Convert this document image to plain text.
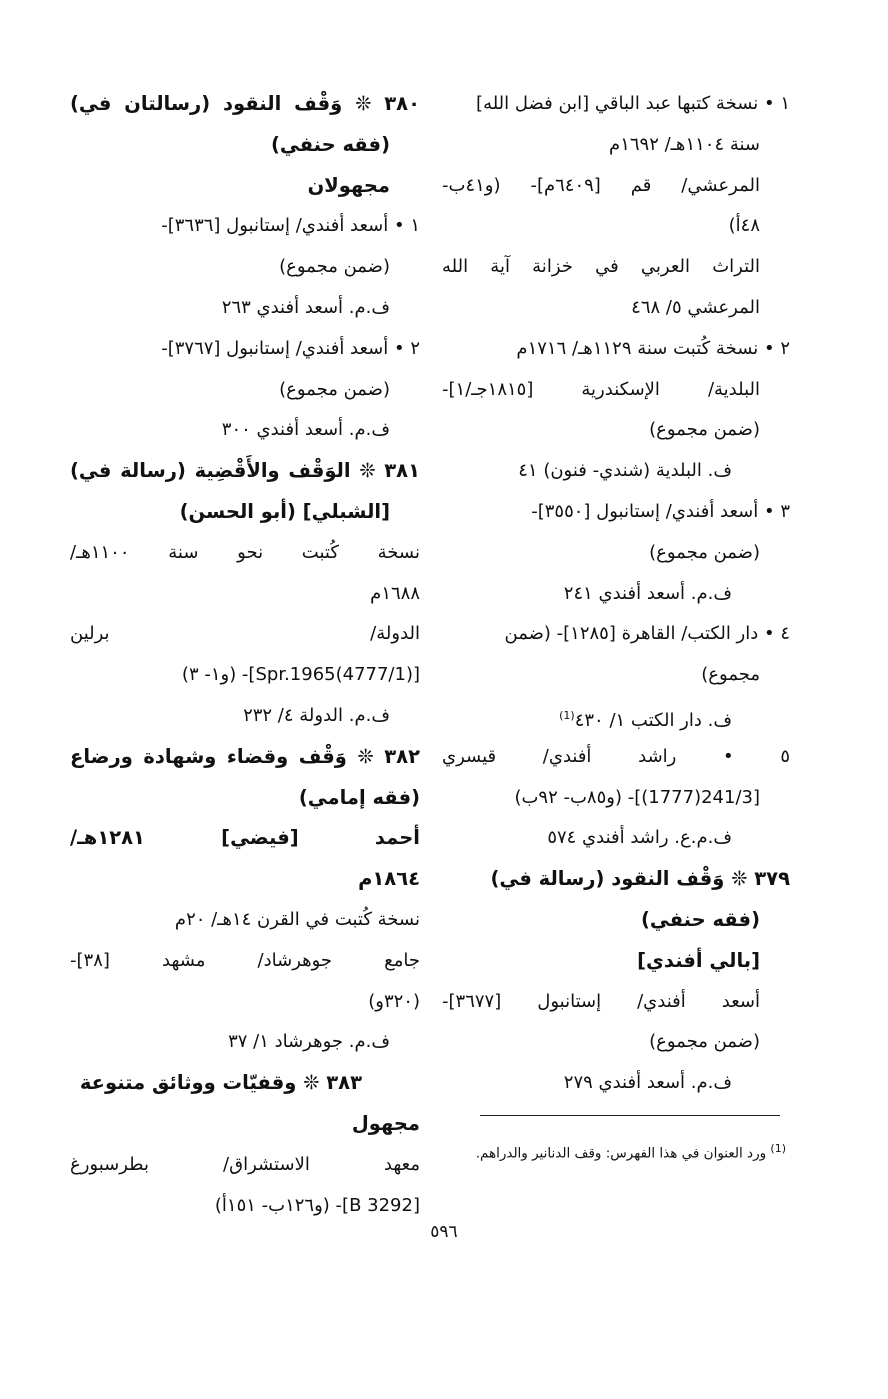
١ • نسخة كتبها عبد الباقي [ابن فضل الله]
سنة ١١٠٤هـ/ ١٦٩٢م
المرعشي/ قم [٦٤٠٩م]- (و٤١ب-
٤٨أ)
التراث العربي في خزانة آية الله
المرعشي ٥/ ٤٦٨
٢ • نسخة كُتبت سنة ١١٢٩هـ/ ١٧١٦م
البلدية/ الإسكندرية [١٨١٥جـ/١]-
(ضمن مجموع)
ف. البلدية (شندي- فنون) ٤١
٣ • أسعد أفندي/ إستانبول [٣٥٥٠]-
(ضمن مجموع)
ف.م. أسعد أفندي ٢٤١
٤ • دار الكتب/ القاهرة [١٢٨٥]- (ضمن
مجموع)
ف. دار الكتب ١/ ٤٣٠$^{(1)}$
٥ • راشد أفندي/ قيسري
[241/3(1777)]- (و٨٥ب- ٩٢ب)
ف.م.ع. راشد أفندي ٥٧٤
٣٧٩ ❊ وَقْف النقود (رسالة في)
(فقه حنفي)
[بالي أفندي]
أسعد أفندي/ إستانبول [٣٦٧٧]-
(ضمن مجموع)
ف.م. أسعد أفندي ٢٧٩
٣٨٠ ❊ وَقْف النقود (رسالتان في)
(فقه حنفي)
مجهولان
١ • أسعد أفندي/ إستانبول [٣٦٣٦]-
(ضمن مجموع)
ف.م. أسعد أفندي ٢٦٣
٢ • أسعد أفندي/ إستانبول [٣٧٦٧]-
(ضمن مجموع)
ف.م. أسعد أفندي ٣٠٠
٣٨١ ❊ الوَقْف والأَقْضِية (رسالة في)
[الشبلي] (أبو الحسن)
نسخة كُتبت نحو سنة ١١٠٠هـ/
١٦٨٨م
الدولة/ برلين
[Spr.1965(4777/1)]- (و١- ٣)
ف.م. الدولة ٤/ ٢٣٢
٣٨٢ ❊ وَقْف وقضاء وشهادة ورضاع
(فقه إمامي)
أحمد [فيضي] ١٢٨١هـ/
١٨٦٤م
نسخة كُتبت في القرن ١٤هـ/ ٢٠م
جامع جوهرشاد/ مشهد [٣٨]-
(٣٢٠و)
ف.م. جوهرشاد ١/ ٣٧
٣٨٣ ❊ وقفيّات ووثائق متنوعة
مجهول
معهد الاستشراق/ بطرسبورغ
[B 3292]- (و١٢٦ب- ١٥١أ)
$^{(1)}$ ورد العنوان في هذا الفهرس: وقف الدنانير والدراهم.
٥٩٦
